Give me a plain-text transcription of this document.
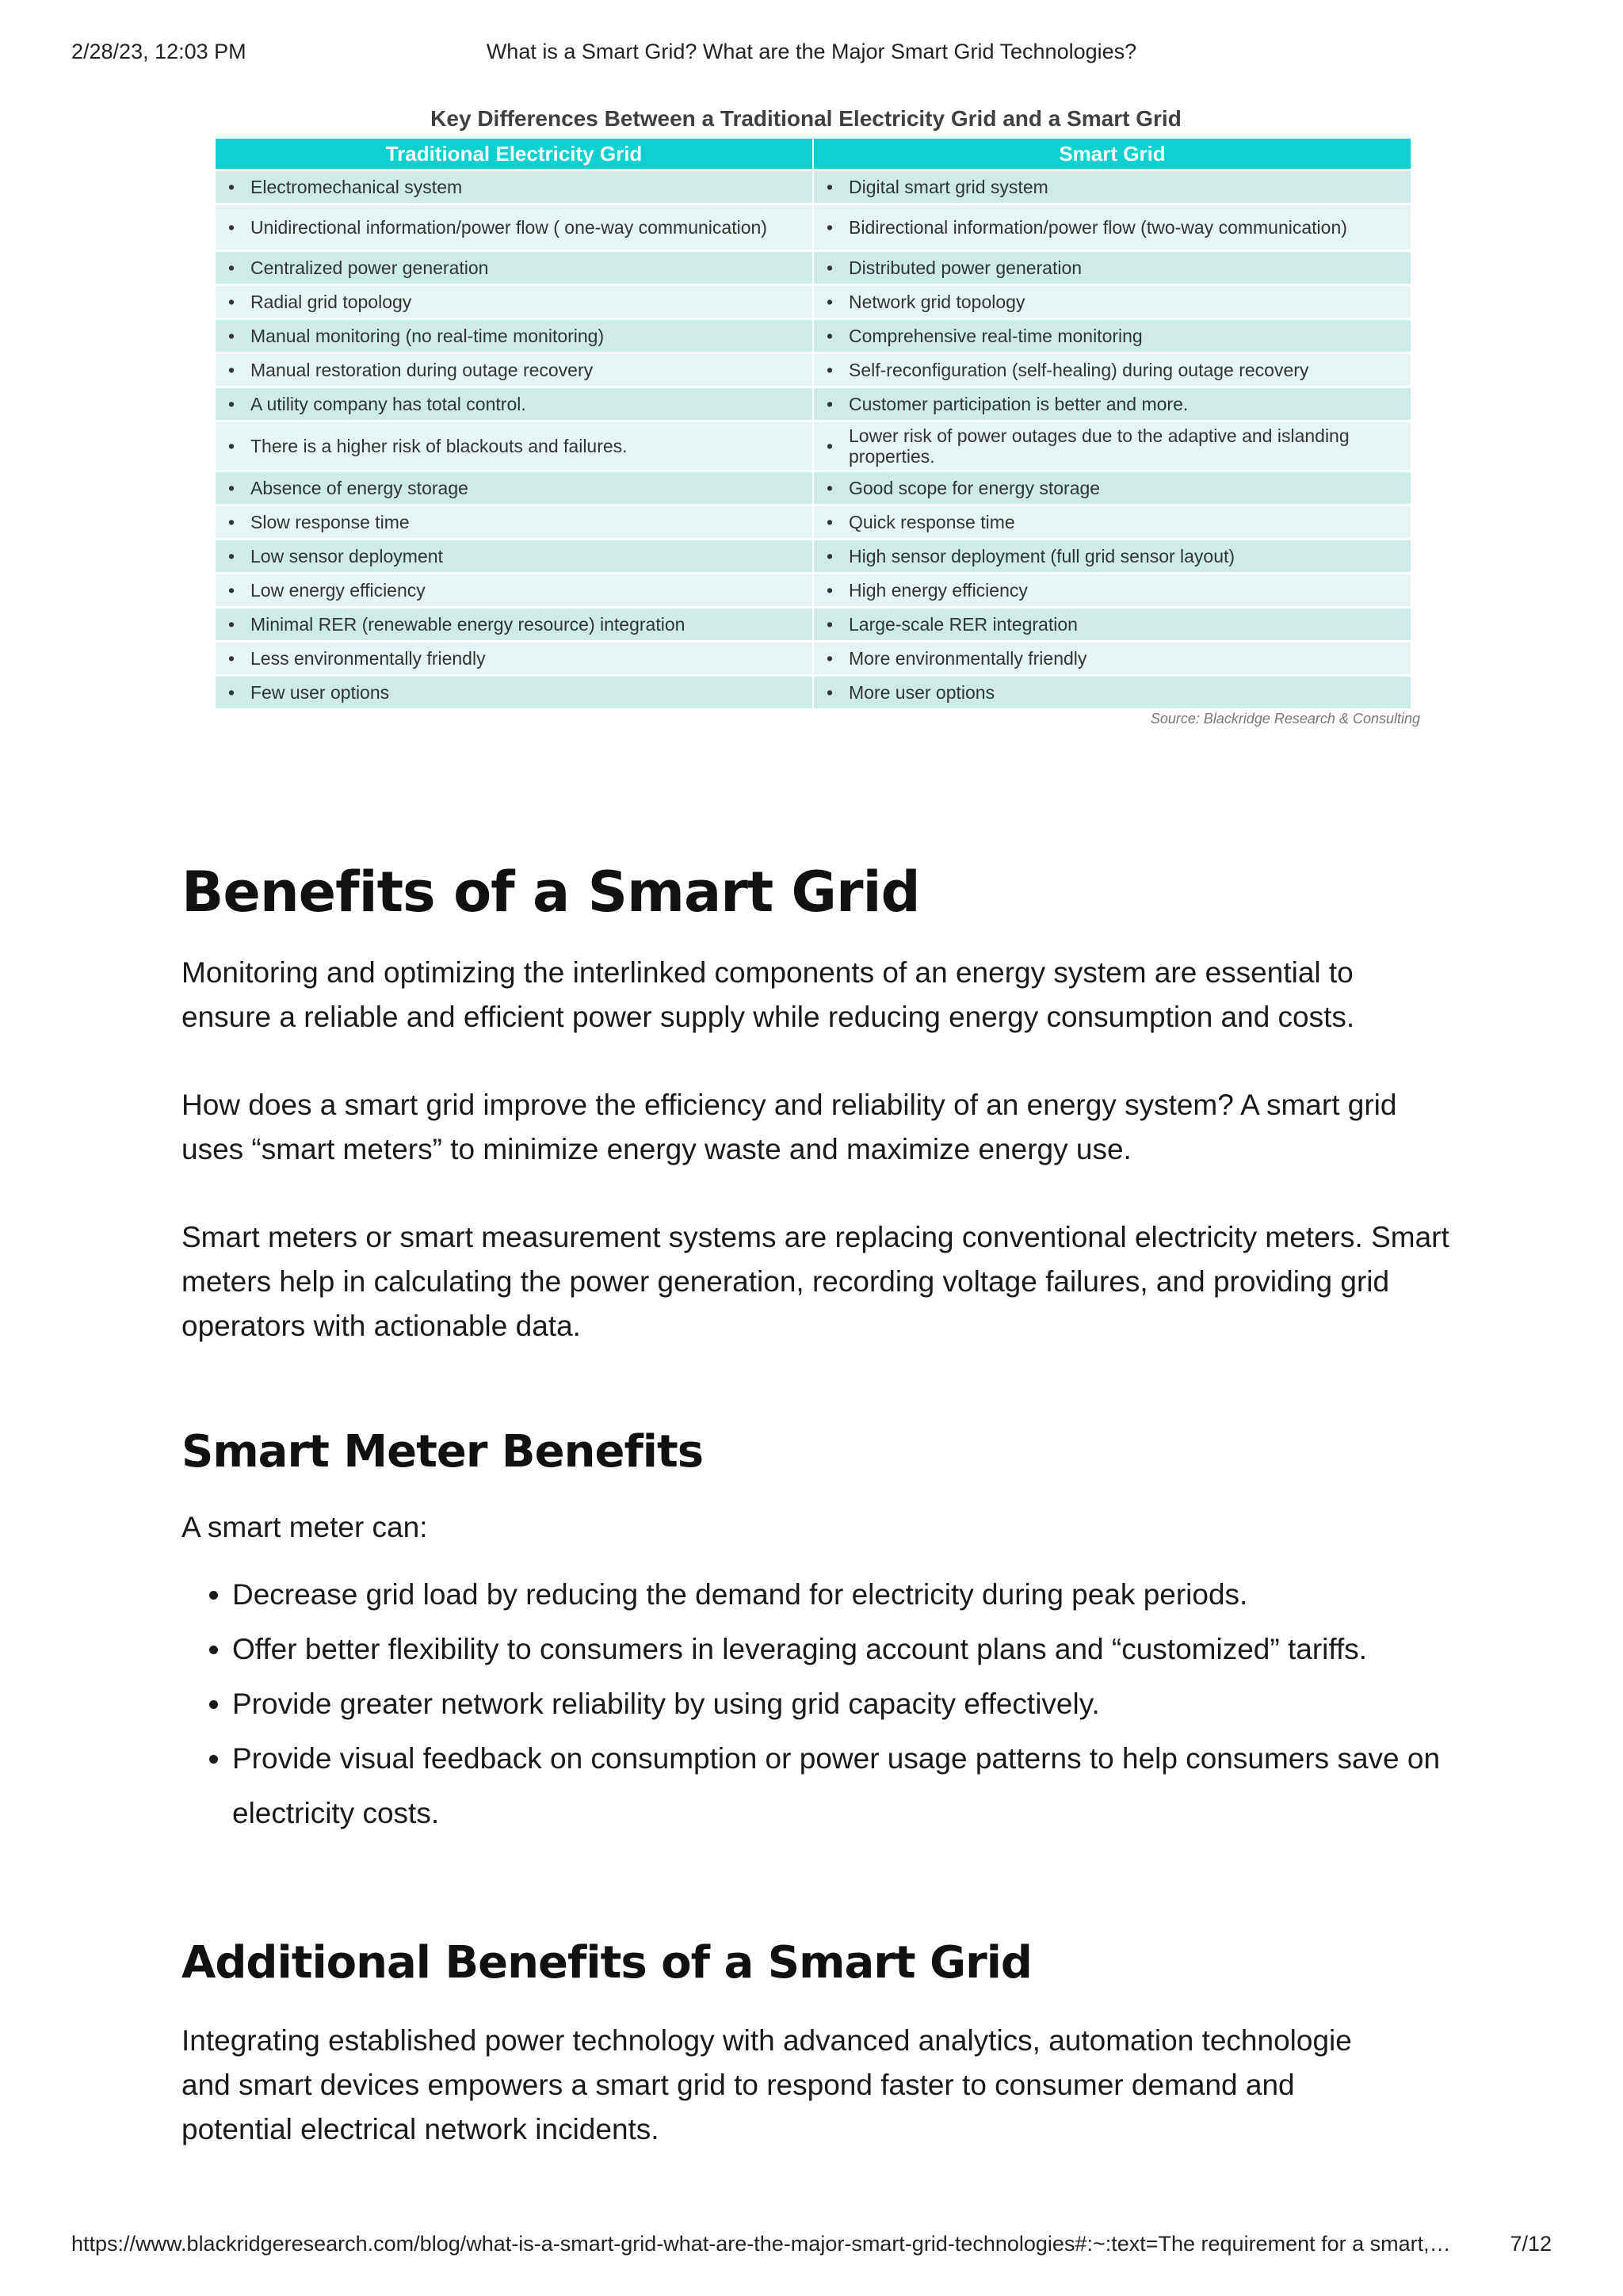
What is a Smart Grid? What are the Major Smart Grid Technologies?
2/28/23, 12:03 PM
Key Differences Between a Traditional Electricity Grid and a Smart Grid
Traditional Electricity Grid	Smart Grid

• Electromechanical system	• Digital smart grid system

• Unidirectional information/power flow ( one-way communication)	• Bidirectional information/power flow (two-way communication)

• Centralized power generation	• Distributed power generation

• Radial grid topology	• Network grid topology

• Manual monitoring (no real-time monitoring)	• Comprehensive real-time monitoring

• Manual restoration during outage recovery	• Self-reconfiguration (self-healing) during outage recovery

• A utility company has total control.	• Customer participation is better and more.

• There is a higher risk of blackouts and failures.	• Lower risk of power outages due to the adaptive and islanding properties.

• Absence of energy storage	• Good scope for energy storage

• Slow response time	• Quick response time

• Low sensor deployment	• High sensor deployment (full grid sensor layout)

• Low energy efficiency	• High energy efficiency

• Minimal RER (renewable energy resource) integration	• Large-scale RER integration

• Less environmentally friendly	• More environmentally friendly

• Few user options	• More user options
Source: Blackridge Research & Consulting
Benefits of a Smart Grid

Monitoring and optimizing the interlinked components of an energy system are essential to ensure a reliable and efficient power supply while reducing energy consumption and costs.

How does a smart grid improve the efficiency and reliability of an energy system? A smart grid uses “smart meters” to minimize energy waste and maximize energy use.

Smart meters or smart measurement systems are replacing conventional electricity meters. Smart meters help in calculating the power generation, recording voltage failures, and providing grid operators with actionable data.

Smart Meter Benefits

A smart meter can:

• Decrease grid load by reducing the demand for electricity during peak periods.
• Offer better flexibility to consumers in leveraging account plans and “customized” tariffs.
• Provide greater network reliability by using grid capacity effectively.
• Provide visual feedback on consumption or power usage patterns to help consumers save on electricity costs.
Additional Benefits of a Smart Grid

Integrating established power technology with advanced analytics, automation technologie and smart devices empowers a smart grid to respond faster to consumer demand and potential electrical network incidents.

https://www.blackridgeresearch.com/blog/what-is-a-smart-grid-what-are-the-major-smart-grid-technologies#:~:text=The requirement for a smart,…	7/12
